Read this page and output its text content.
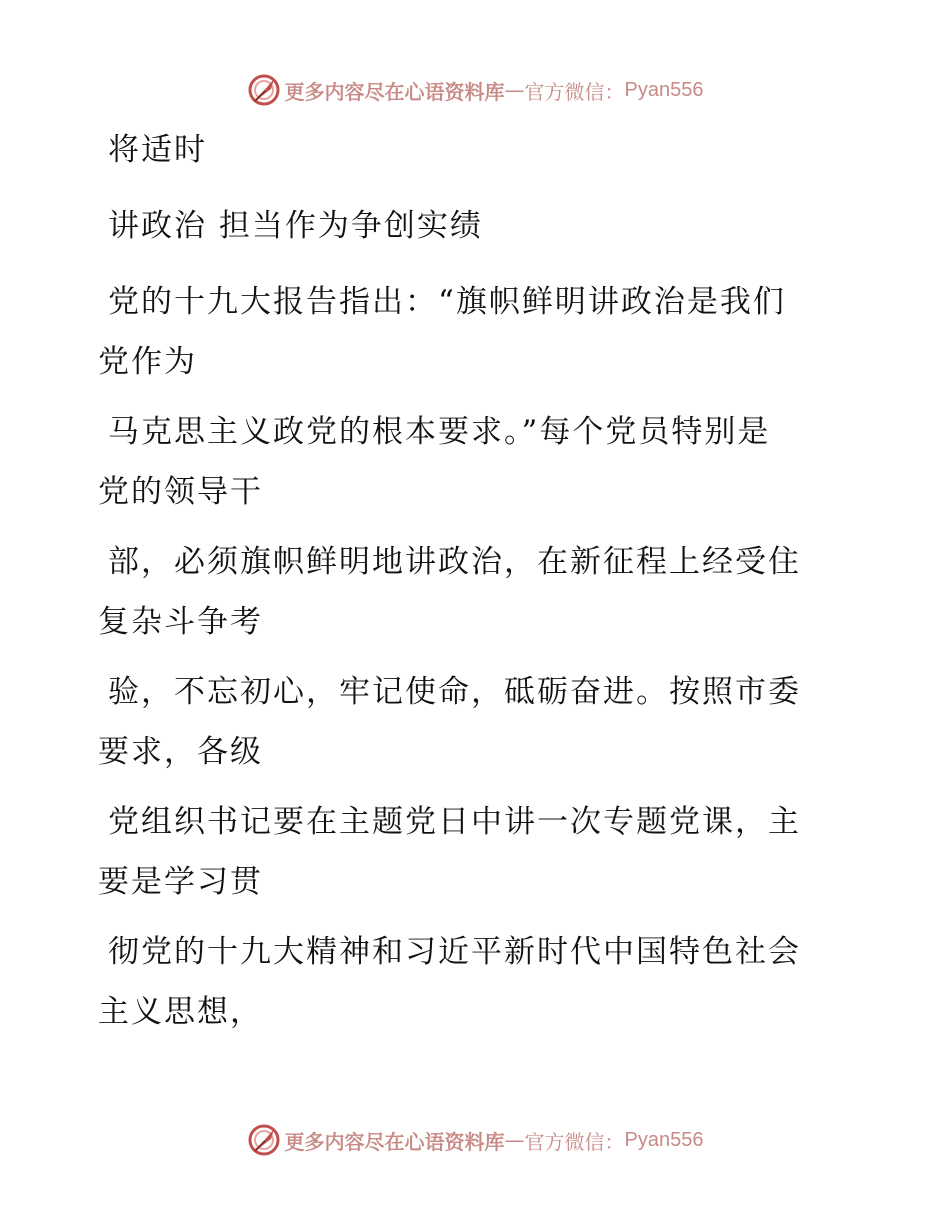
更多内容尽在心语资料库 — 官方微信： Pyan556

将适时

讲政治 担当作为争创实绩

党的十九大报告指出：“旗帜鲜明讲政治是我们
党作为

马克思主义政党的根本要求。”每个党员特别是
党的领导干

部，必须旗帜鲜明地讲政治，在新征程上经受住
复杂斗争考

验，不忘初心，牢记使命，砥砺奋进。按照市委
要求，各级

党组织书记要在主题党日中讲一次专题党课，主
要是学习贯

彻党的十九大精神和习近平新时代中国特色社会
主义思想，

更多内容尽在心语资料库 — 官方微信： Pyan556
